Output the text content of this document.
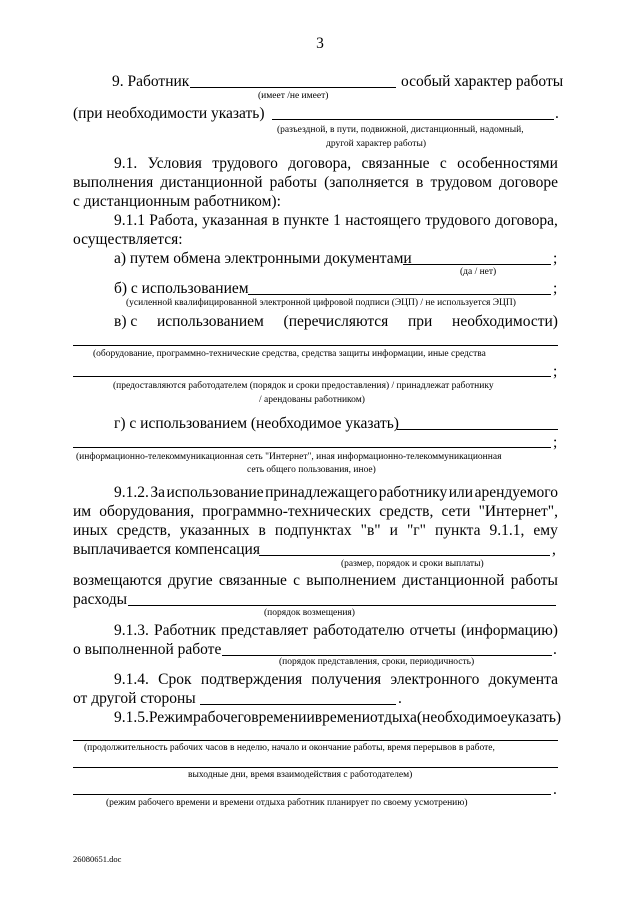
3
9. Работник	особый характер работы
(имеет /не имеет)
(при необходимости указать)	.
(разъездной, в пути, подвижной, дистанционный, надомный,
другой характер работы)
9.1. Условия трудового договора, связанные с особенностями
выполнения дистанционной работы (заполняется в трудовом договоре
с дистанционным работником):
9.1.1 Работа, указанная в пункте 1 настоящего трудового договора,
осуществляется:
а) путем обмена электронными документами	;
(да / нет)
б) с использованием	;
(усиленной квалифицированной электронной цифровой подписи (ЭЦП) / не используется ЭЦП)
в) с использованием (перечисляются при необходимости)
(оборудование, программно-технические средства, средства защиты информации, иные средства
;
(предоставляются работодателем (порядок и сроки предоставления) / принадлежат работнику
/ арендованы работником)
г) с использованием (необходимое указать)
;
(информационно-телекоммуникационная сеть "Интернет", иная информационно-телекоммуникационная
сеть общего пользования, иное)
9.1.2. За использование принадлежащего работнику или арендуемого
им оборудования, программно-технических средств, сети "Интернет",
иных средств, указанных в подпунктах "в" и "г" пункта 9.1.1, ему
выплачивается компенсация	,
(размер, порядок и сроки выплаты)
возмещаются другие связанные с выполнением дистанционной работы
расходы
(порядок возмещения)
9.1.3. Работник представляет работодателю отчеты (информацию)
о выполненной работе	.
(порядок представления, сроки, периодичность)
9.1.4. Срок подтверждения получения электронного документа
от другой стороны	.
9.1.5. Режим рабочего времени и времени отдыха (необходимое указать)
(продолжительность рабочих часов в неделю, начало и окончание работы, время перерывов в работе,
выходные дни, время взаимодействия с работодателем)
.
(режим рабочего времени и времени отдыха работник планирует по своему усмотрению)
26080651.doc
